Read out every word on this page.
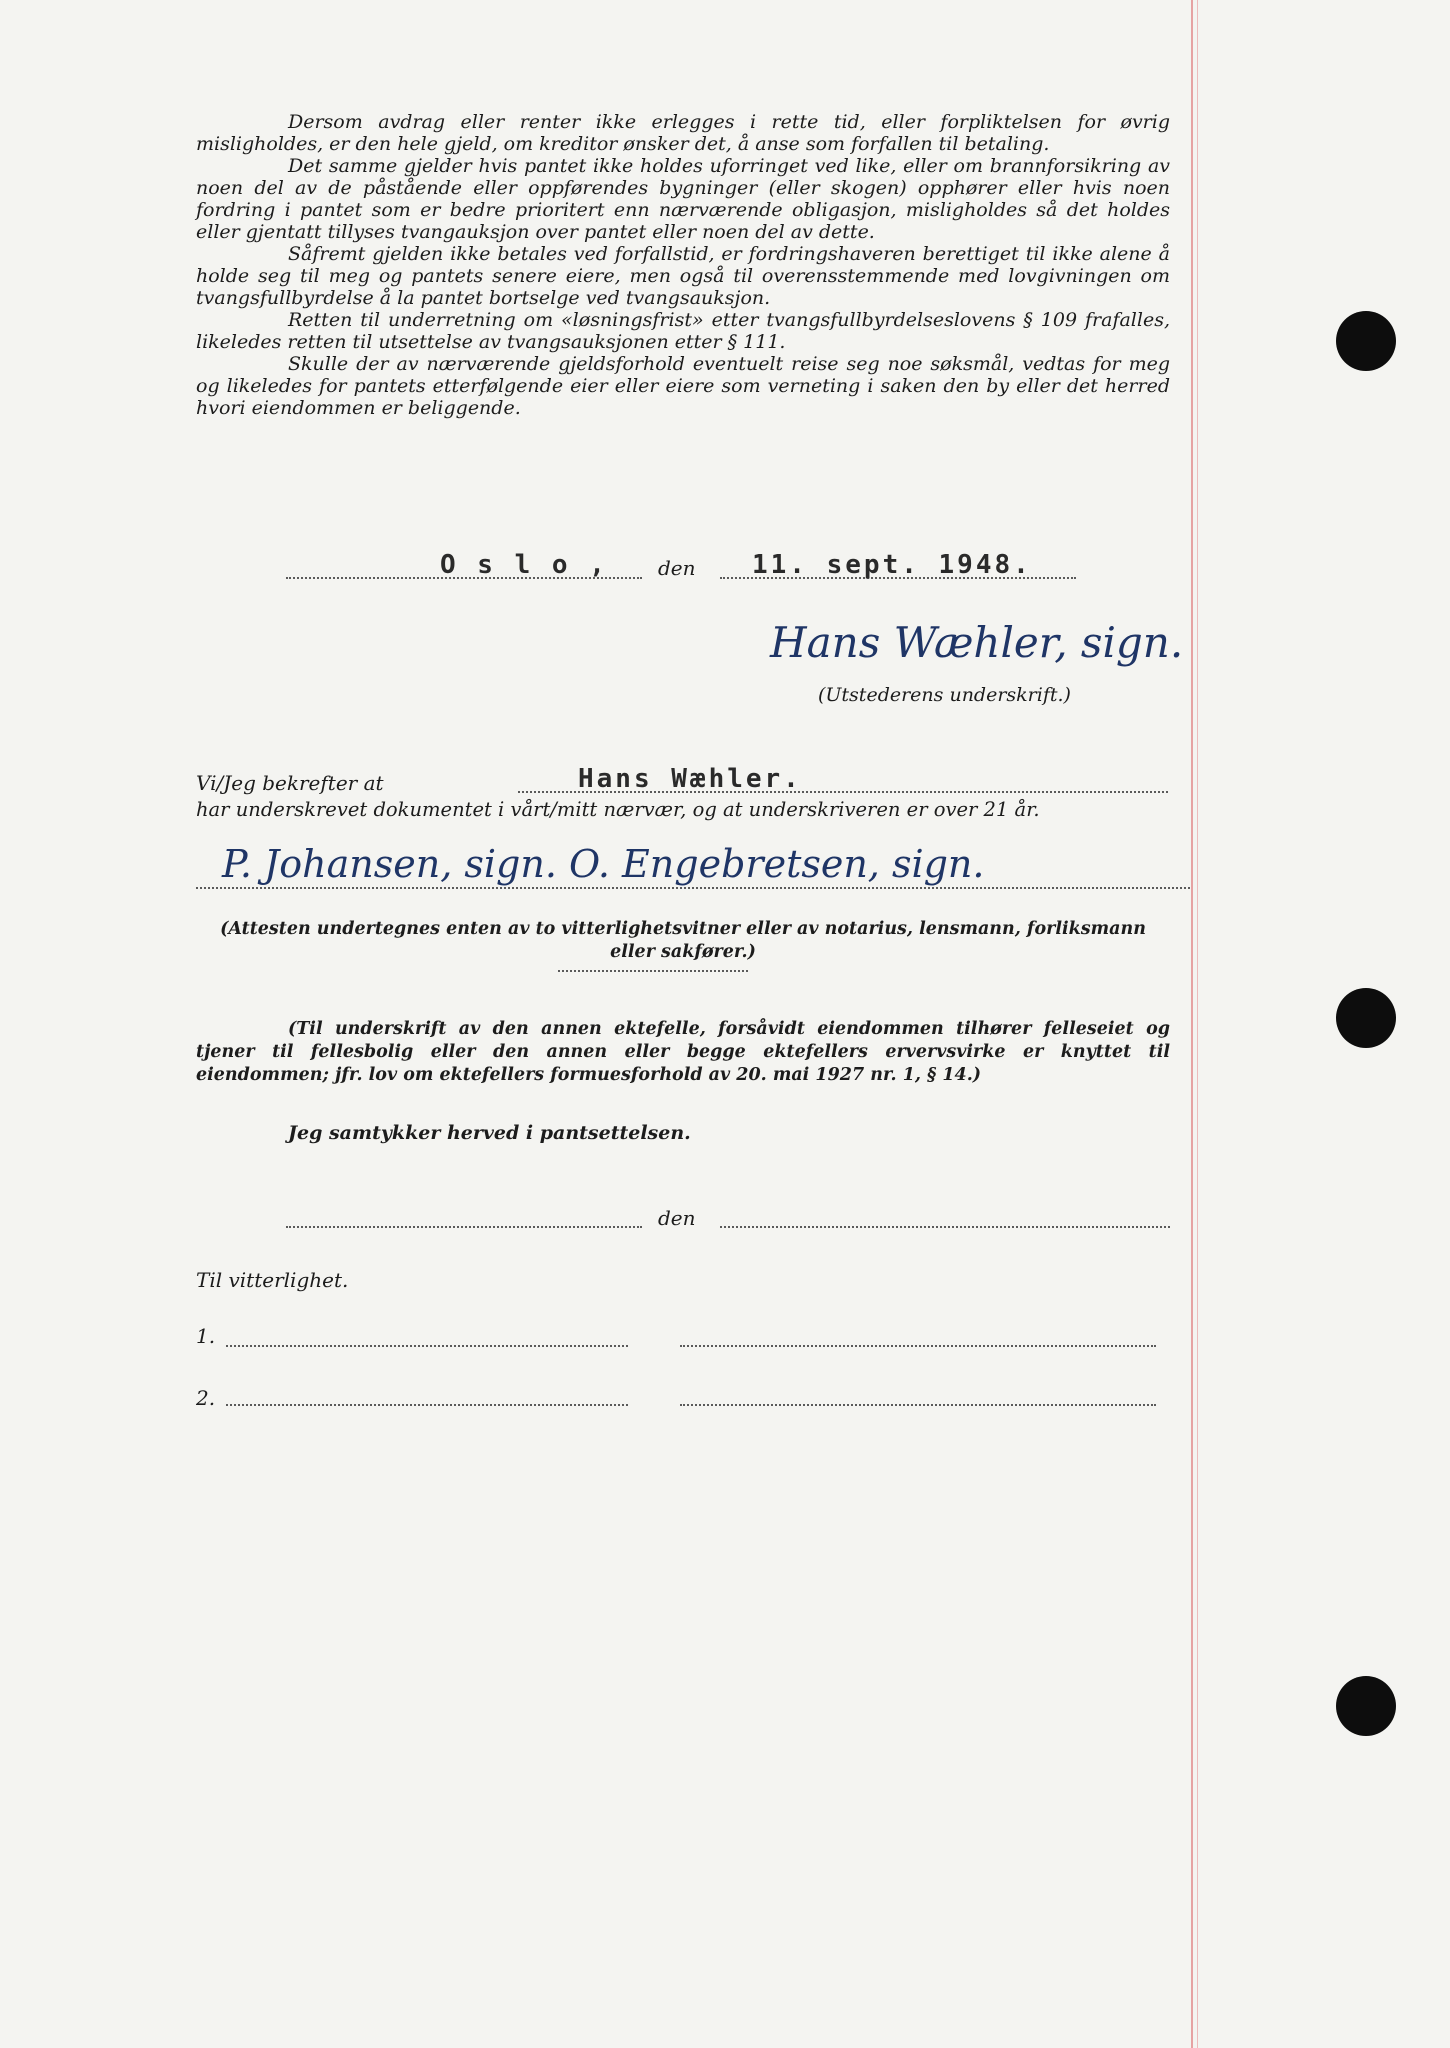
Dersom avdrag eller renter ikke erlegges i rette tid, eller forpliktelsen for øvrig misligholdes, er den hele gjeld, om kreditor ønsker det, å anse som forfallen til betaling.

Det samme gjelder hvis pantet ikke holdes uforringet ved like, eller om brannforsikring av noen del av de påstående eller oppførendes bygninger (eller skogen) opphører eller hvis noen fordring i pantet som er bedre prioritert enn nærværende obligasjon, misligholdes så det holdes eller gjentatt tillyses tvangauksjon over pantet eller noen del av dette.

Såfremt gjelden ikke betales ved forfallstid, er fordringshaveren berettiget til ikke alene å holde seg til meg og pantets senere eiere, men også til overensstemmende med lovgivningen om tvangsfullbyrdelse å la pantet bortselge ved tvangsauksjon.

Retten til underretning om «løsningsfrist» etter tvangsfullbyrdelseslovens § 109 frafalles, likeledes retten til utsettelse av tvangsauksjonen etter § 111.

Skulle der av nærværende gjeldsforhold eventuelt reise seg noe søksmål, vedtas for meg og likeledes for pantets etterfølgende eier eller eiere som verneting i saken den by eller det herred hvori eiendommen er beliggende.

O s l o ,	den 11. sept. 1948.
Hans Wæhler, sign.
(Utstederens underskrift.)
Vi/Jeg bekrefter at	Hans Wæhler.
har underskrevet dokumentet i vårt/mitt nærvær, og at underskriveren er over 21 år.
P. Johansen, sign. O. Engebretsen, sign.
(Attesten undertegnes enten av to vitterlighetsvitner eller av notarius, lensmann, forliksmann eller sakfører.)
(Til underskrift av den annen ektefelle, forsåvidt eiendommen tilhører felleseiet og tjener til fellesbolig eller den annen eller begge ektefellers ervervsvirke er knyttet til eiendommen; jfr. lov om ektefellers formuesforhold av 20. mai 1927 nr. 1, § 14.)
Jeg samtykker herved i pantsettelsen.
den
Til vitterlighet.
1.
2.
